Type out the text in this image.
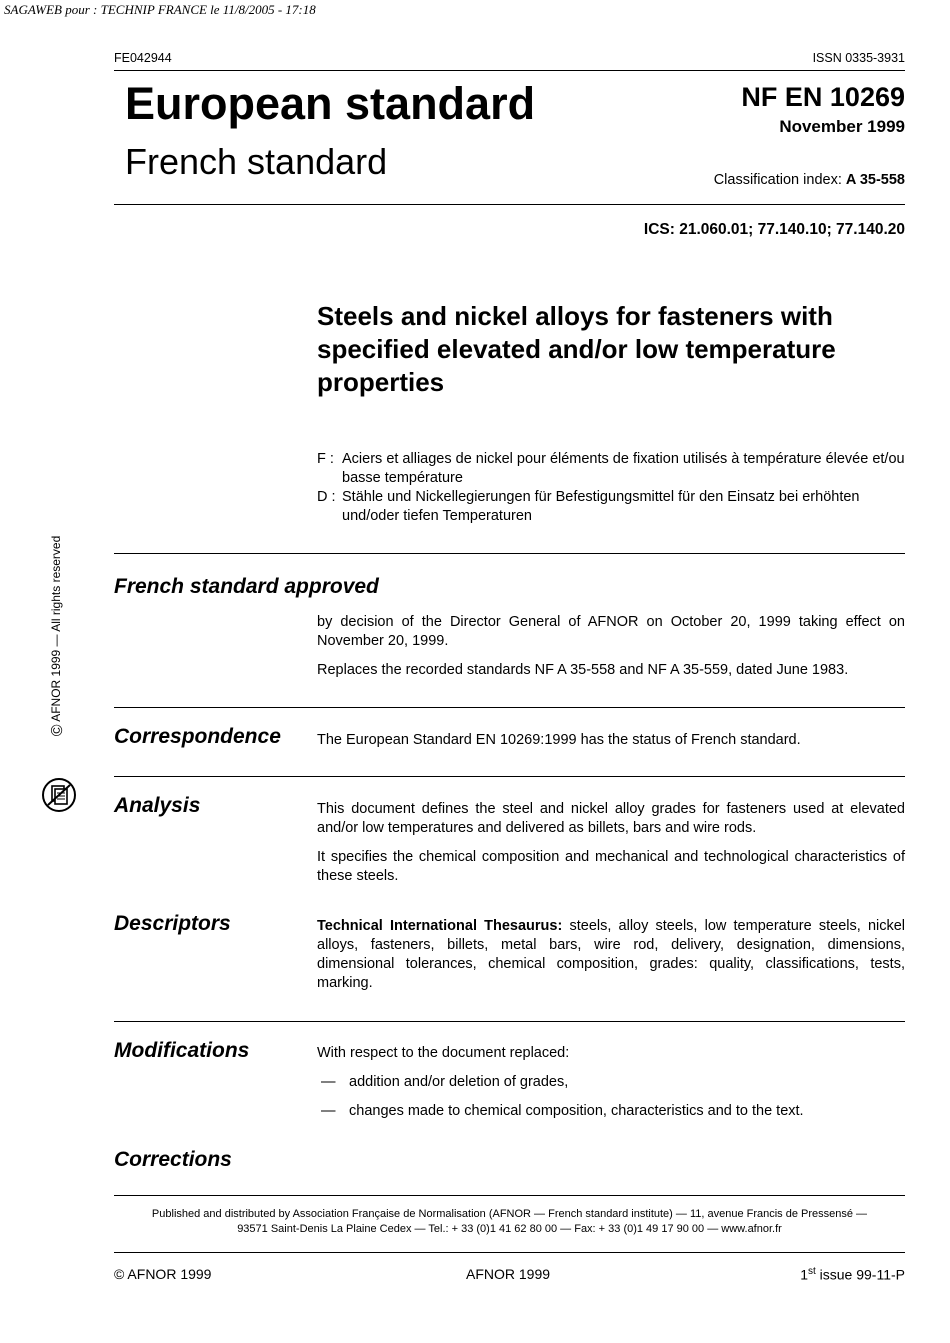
SAGAWEB pour : TECHNIP FRANCE le 11/8/2005 - 17:18
FE042944	ISSN 0335-3931
European standard
French standard
NF EN 10269
November 1999
Classification index: A 35-558
ICS: 21.060.01; 77.140.10; 77.140.20
Steels and nickel alloys for fasteners with
specified elevated and/or low temperature
properties
F : Aciers et alliages de nickel pour éléments de fixation utilisés à température élevée et/ou basse température
D : Stähle und Nickellegierungen für Befestigungsmittel für den Einsatz bei erhöhten und/oder tiefen Temperaturen
© AFNOR 1999 — All rights reserved French standard approved

by decision of the Director General of AFNOR on October 20, 1999 taking effect on November 20, 1999.

Replaces the recorded standards NF A 35-558 and NF A 35-559, dated June 1983.

Correspondence The European Standard EN 10269:1999 has the status of French standard.

Analysis	This document defines the steel and nickel alloy grades for fasteners used at elevated and/or low temperatures and delivered as billets, bars and wire rods.

It specifies the chemical composition and mechanical and technological characteristics of these steels.

Descriptors	Technical International Thesaurus: steels, alloy steels, low temperature steels, nickel alloys, fasteners, billets, metal bars, wire rod, delivery, designation, dimensions, dimensional tolerances, chemical composition, grades: quality, classifications, tests, marking.

Modifications	With respect to the document replaced:

— addition and/or deletion of grades,
— changes made to chemical composition, characteristics and to the text.
Corrections
Published and distributed by Association Française de Normalisation (AFNOR — French standard institute) — 11, avenue Francis de Pressensé —
93571 Saint-Denis La Plaine Cedex — Tel.: + 33 (0)1 41 62 80 00 — Fax: + 33 (0)1 49 17 90 00 — www.afnor.fr
© AFNOR 1999	AFNOR 1999	1st issue 99-11-P
